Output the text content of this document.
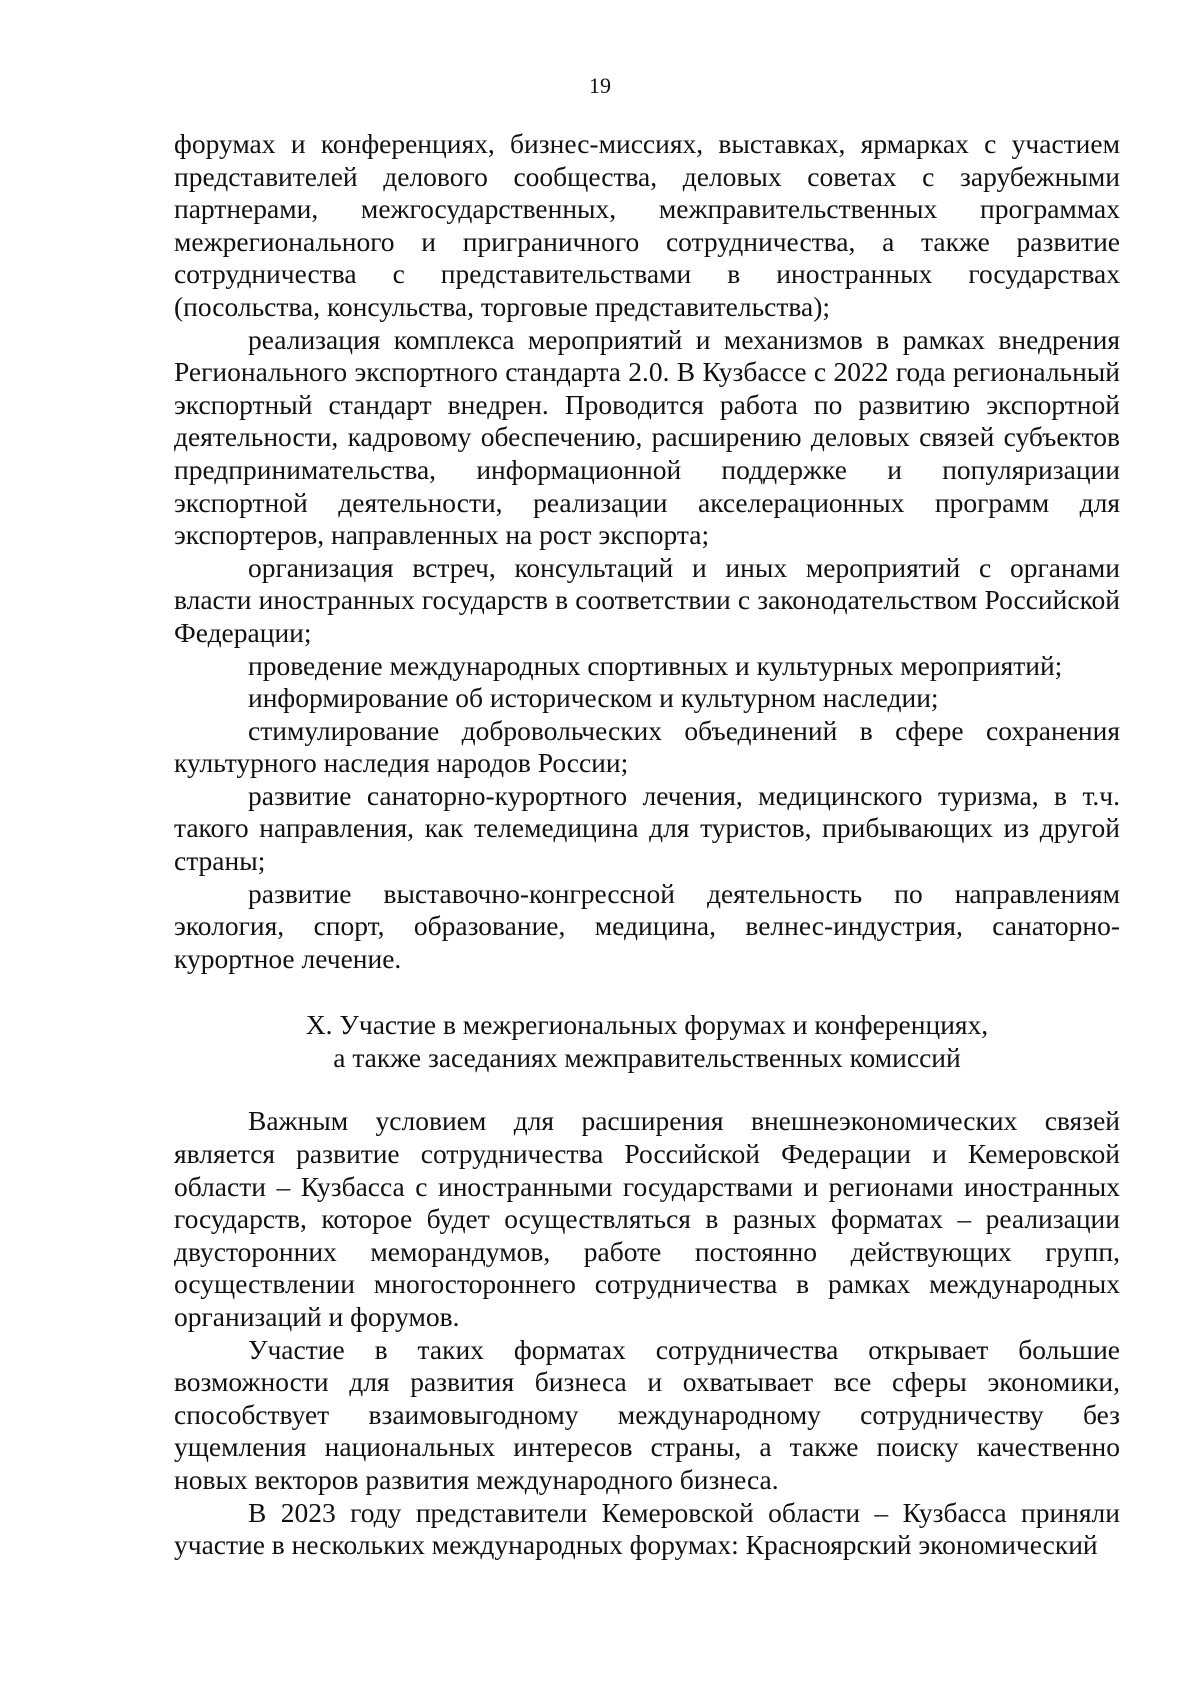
19

форумах и конференциях, бизнес-миссиях, выставках, ярмарках с участием представителей делового сообщества, деловых советах с зарубежными партнерами, межгосударственных, межправительственных программах межрегионального и приграничного сотрудничества, а также развитие сотрудничества с представительствами в иностранных государствах (посольства, консульства, торговые представительства);

реализация комплекса мероприятий и механизмов в рамках внедрения Регионального экспортного стандарта 2.0. В Кузбассе с 2022 года региональный экспортный стандарт внедрен. Проводится работа по развитию экспортной деятельности, кадровому обеспечению, расширению деловых связей субъектов предпринимательства, информационной поддержке и популяризации экспортной деятельности, реализации акселерационных программ для экспортеров, направленных на рост экспорта;

организация встреч, консультаций и иных мероприятий с органами власти иностранных государств в соответствии с законодательством Российской Федерации;

проведение международных спортивных и культурных мероприятий;

информирование об историческом и культурном наследии;

стимулирование добровольческих объединений в сфере сохранения культурного наследия народов России;

развитие санаторно-курортного лечения, медицинского туризма, в т.ч. такого направления, как телемедицина для туристов, прибывающих из другой страны;

развитие выставочно-конгрессной деятельность по направлениям экология, спорт, образование, медицина, велнес-индустрия, санаторно-курортное лечение.

X. Участие в межрегиональных форумах и конференциях,
а также заседаниях межправительственных комиссий

Важным условием для расширения внешнеэкономических связей является развитие сотрудничества Российской Федерации и Кемеровской области – Кузбасса с иностранными государствами и регионами иностранных государств, которое будет осуществляться в разных форматах – реализации двусторонних меморандумов, работе постоянно действующих групп, осуществлении многостороннего сотрудничества в рамках международных организаций и форумов.

Участие в таких форматах сотрудничества открывает большие возможности для развития бизнеса и охватывает все сферы экономики, способствует взаимовыгодному международному сотрудничеству без ущемления национальных интересов страны, а также поиску качественно новых векторов развития международного бизнеса.

В 2023 году представители Кемеровской области – Кузбасса приняли участие в нескольких международных форумах: Красноярский экономический
